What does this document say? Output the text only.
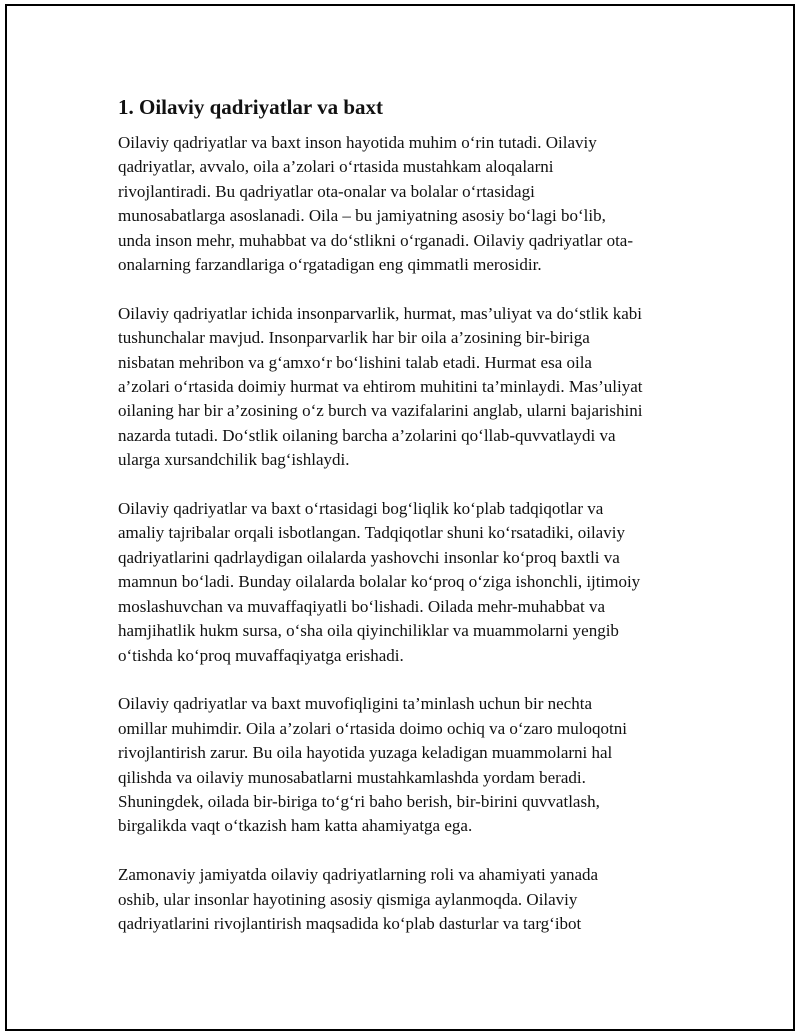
1. Oilaviy qadriyatlar va baxt

Oilaviy qadriyatlar va baxt inson hayotida muhim o‘rin tutadi. Oilaviy
qadriyatlar, avvalo, oila a’zolari o‘rtasida mustahkam aloqalarni
rivojlantiradi. Bu qadriyatlar ota-onalar va bolalar o‘rtasidagi
munosabatlarga asoslanadi. Oila – bu jamiyatning asosiy bo‘lagi bo‘lib,
unda inson mehr, muhabbat va do‘stlikni o‘rganadi. Oilaviy qadriyatlar ota-
onalarning farzandlariga o‘rgatadigan eng qimmatli merosidir.

Oilaviy qadriyatlar ichida insonparvarlik, hurmat, mas’uliyat va do‘stlik kabi
tushunchalar mavjud. Insonparvarlik har bir oila a’zosining bir-biriga
nisbatan mehribon va g‘amxo‘r bo‘lishini talab etadi. Hurmat esa oila
a’zolari o‘rtasida doimiy hurmat va ehtirom muhitini ta’minlaydi. Mas’uliyat
oilaning har bir a’zosining o‘z burch va vazifalarini anglab, ularni bajarishini
nazarda tutadi. Do‘stlik oilaning barcha a’zolarini qo‘llab-quvvatlaydi va
ularga xursandchilik bag‘ishlaydi.

Oilaviy qadriyatlar va baxt o‘rtasidagi bog‘liqlik ko‘plab tadqiqotlar va
amaliy tajribalar orqali isbotlangan. Tadqiqotlar shuni ko‘rsatadiki, oilaviy
qadriyatlarini qadrlaydigan oilalarda yashovchi insonlar ko‘proq baxtli va
mamnun bo‘ladi. Bunday oilalarda bolalar ko‘proq o‘ziga ishonchli, ijtimoiy
moslashuvchan va muvaffaqiyatli bo‘lishadi. Oilada mehr-muhabbat va
hamjihatlik hukm sursa, o‘sha oila qiyinchiliklar va muammolarni yengib
o‘tishda ko‘proq muvaffaqiyatga erishadi.

Oilaviy qadriyatlar va baxt muvofiqligini ta’minlash uchun bir nechta
omillar muhimdir. Oila a’zolari o‘rtasida doimo ochiq va o‘zaro muloqotni
rivojlantirish zarur. Bu oila hayotida yuzaga keladigan muammolarni hal
qilishda va oilaviy munosabatlarni mustahkamlashda yordam beradi.
Shuningdek, oilada bir-biriga to‘g‘ri baho berish, bir-birini quvvatlash,
birgalikda vaqt o‘tkazish ham katta ahamiyatga ega.

Zamonaviy jamiyatda oilaviy qadriyatlarning roli va ahamiyati yanada
oshib, ular insonlar hayotining asosiy qismiga aylanmoqda. Oilaviy
qadriyatlarini rivojlantirish maqsadida ko‘plab dasturlar va targ‘ibot
